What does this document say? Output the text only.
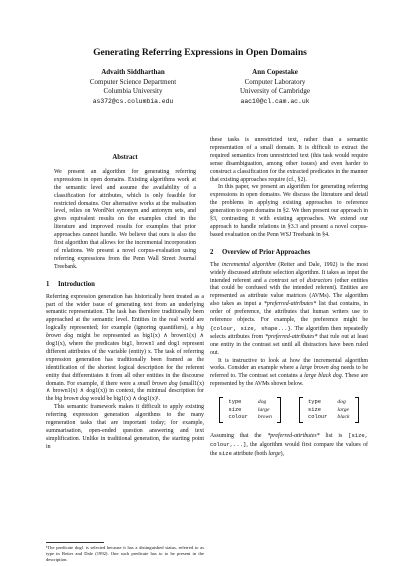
Generating Referring Expressions in Open Domains
Advaith Siddharthan
Computer Science Department
Columbia University
as372@cs.columbia.edu
Ann Copestake
Computer Laboratory
University of Cambridge
aac10@cl.cam.ac.uk
Abstract

We present an algorithm for generating referring expressions in open domains. Existing algorithms work at the semantic level and assume the availability of a classification for attributes, which is only feasible for restricted domains. Our alternative works at the realisation level, relies on WordNet synonym and antonym sets, and gives equivalent results on the examples cited in the literature and improved results for examples that prior approaches cannot handle. We believe that ours is also the first algorithm that allows for the incremental incorporation of relations. We present a novel corpus-evaluation using referring expressions from the Penn Wall Street Journal Treebank.

1 Introduction

Referring expression generation has historically been treated as a part of the wider issue of generating text from an underlying semantic representation. The task has therefore traditionally been approached at the semantic level. Entities in the real world are logically represented; for example (ignoring quantifiers), a big brown dog might be represented as big1(x) ∧ brown1(x) ∧ dog1(x), where the predicates big1, brown1 and dog1 represent different attributes of the variable (entity) x. The task of referring expression generation has traditionally been framed as the identification of the shortest logical description for the referent entity that differentiates it from all other entities in the discourse domain. For example, if there were a small brown dog (small1(x) ∧ brown1(x) ∧ dog1(x)) in context, the minimal description for the big brown dog would be big1(x) ∧ dog1(x)¹.

This semantic framework makes it difficult to apply existing referring expression generation algorithms to the many regeneration tasks that are important today; for example, summarisation, open-ended question answering and text simplification. Unlike in traditional generation, the starting point in

these tasks is unrestricted text, rather than a semantic representation of a small domain. It is difficult to extract the required semantics from unrestricted text (this task would require sense disambiguation, among other issues) and even harder to construct a classification for the extracted predicates in the manner that existing approaches require (cf., §2).

In this paper, we present an algorithm for generating referring expressions in open domains. We discuss the literature and detail the problems in applying existing approaches to reference generation to open domains in §2. We then present our approach in §3, contrasting it with existing approaches. We extend our approach to handle relations in §3.3 and present a novel corpus-based evaluation on the Penn WSJ Treebank in §4.

2 Overview of Prior Approaches

The incremental algorithm (Reiter and Dale, 1992) is the most widely discussed attribute selection algorithm. It takes as input the intended referent and a contrast set of distractors (other entities that could be confused with the intended referent). Entities are represented as attribute value matrices (AVMs). The algorithm also takes as input a *preferred-attributes* list that contains, in order of preference, the attributes that human writers use to reference objects. For example, the preference might be {colour, size, shape...}. The algorithm then repeatedly selects attributes from *preferred-attributes* that rule out at least one entity in the contrast set until all distractors have been ruled out.

It is instructive to look at how the incremental algorithm works. Consider an example where a large brown dog needs to be referred to. The contrast set contains a large black dog. These are represented by the AVMs shown below.

type	dog
size	large
colour	brown
type	dog
size	large
colour	black

Assuming that the *preferred-attributes* list is [size, colour,...], the algorithm would first compare the values of the size attribute (both large),

¹The predicate dog1 is selected because it has a distinguished status, referred to as type in Reiter and Dale (1992). One such predicate has to to be present in the description.
